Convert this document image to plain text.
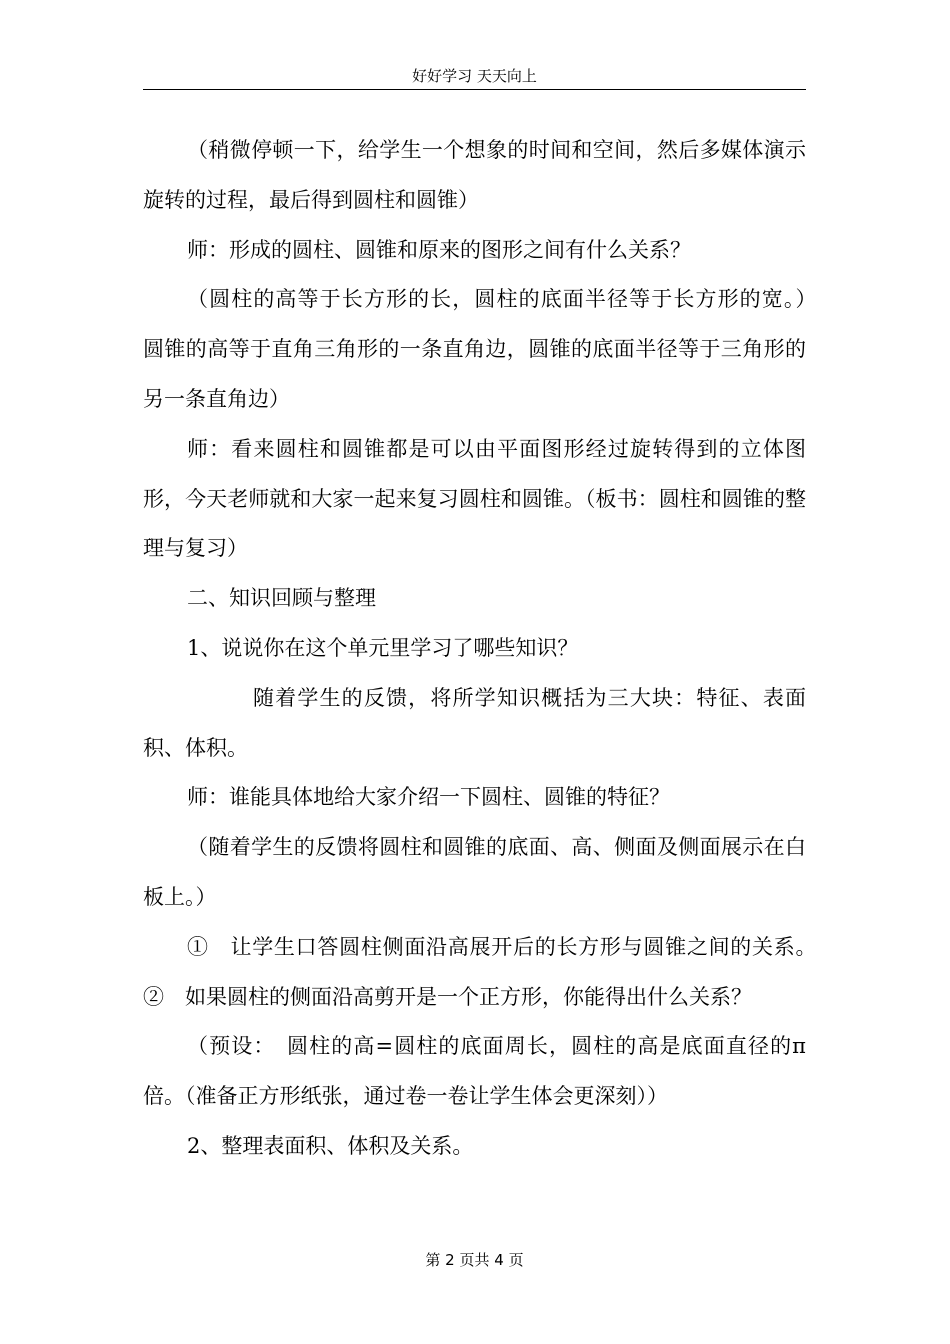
好好学习 天天向上

（稍微停顿一下，给学生一个想象的时间和空间，然后多媒体演示旋转的过程，最后得到圆柱和圆锥）

师：形成的圆柱、圆锥和原来的图形之间有什么关系？

（圆柱的高等于长方形的长，圆柱的底面半径等于长方形的宽。）　圆锥的高等于直角三角形的一条直角边，圆锥的底面半径等于三角形的另一条直角边）

师：看来圆柱和圆锥都是可以由平面图形经过旋转得到的立体图形，今天老师就和大家一起来复习圆柱和圆锥。（板书：圆柱和圆锥的整理与复习）

二、知识回顾与整理

1、说说你在这个单元里学习了哪些知识？

随着学生的反馈，将所学知识概括为三大块：特征、表面积、体积。

师：谁能具体地给大家介绍一下圆柱、圆锥的特征？

（随着学生的反馈将圆柱和圆锥的底面、高、侧面及侧面展示在白板上。）

①　让学生口答圆柱侧面沿高展开后的长方形与圆锥之间的关系。　②　如果圆柱的侧面沿高剪开是一个正方形，你能得出什么关系？

（预设：　圆柱的高=圆柱的底面周长，圆柱的高是底面直径的π 倍。（准备正方形纸张，通过卷一卷让学生体会更深刻））

2、整理表面积、体积及关系。

第 2 页共 4 页
